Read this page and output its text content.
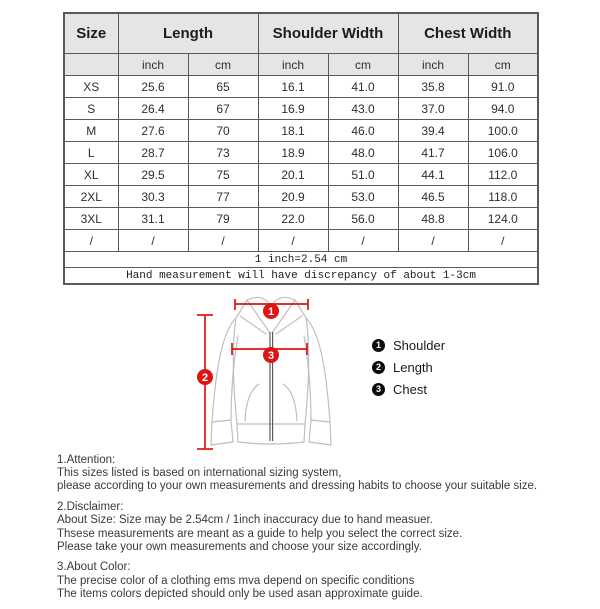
Size	Length		Shoulder Width		Chest Width	
	inch	cm	inch	cm	inch	cm
XS	25.6	65	16.1	41.0	35.8	91.0
S	26.4	67	16.9	43.0	37.0	94.0
M	27.6	70	18.1	46.0	39.4	100.0
L	28.7	73	18.9	48.0	41.7	106.0
XL	29.5	75	20.1	51.0	44.1	112.0
2XL	30.3	77	20.9	53.0	46.5	118.0
3XL	31.1	79	22.0	56.0	48.8	124.0
/	/	/	/	/	/	/
1 inch=2.54 cm						
Hand measurement will have discrepancy of about 1-3cm						
1
2
3
1 Shoulder
2 Length
3 Chest

1.Attention:
This sizes listed is based on international sizing system,
please according to your own measurements and dressing habits to choose your suitable size.

2.Disclaimer:
About Size: Size may be 2.54cm / 1inch inaccuracy due to hand measuer.
Thsese measurements are meant as a guide to help you select the correct size.
Please take your own measurements and choose your size accordingly.

3.About Color:
The precise color of a clothing ems mva depend on specific conditions
The items colors depicted should only be used asan approximate guide.
